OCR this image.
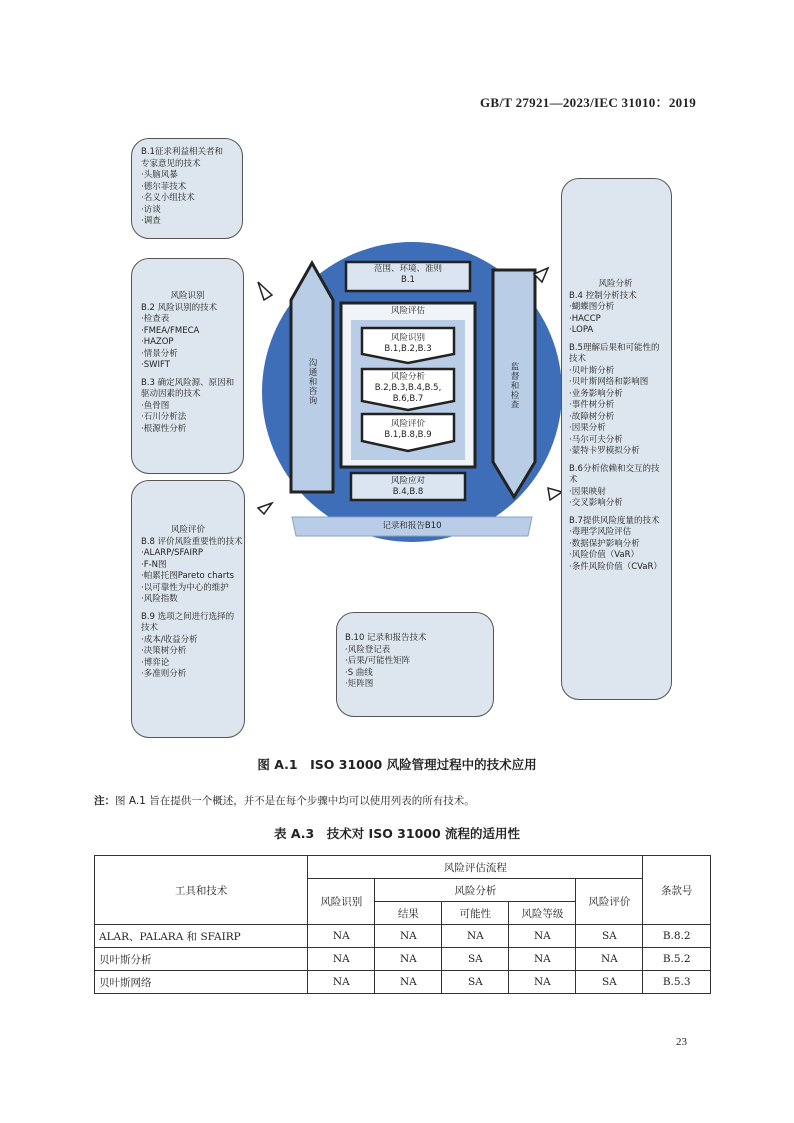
GB/T 27921—2023/IEC 31010：2019
范围、环境、准则
B.1
风险评估
风险识别
B.1,B.2,B.3
风险分析
B.2,B.3,B.4,B.5,
B.6,B.7
风险评价
B.1,B.8,B.9
风险应对
B.4,B.8
记录和报告B10
沟通和咨询	监督和检查
B.1征求利益相关者和
专家意见的技术
·头脑风暴
·德尔菲技术
·名义小组技术
·访谈
·调查
风险识别
B.2 风险识别的技术
·检查表
·FMEA/FMECA
·HAZOP
·情景分析
·SWIFT
B.3 确定风险源、原因和
驱动因素的技术
·鱼骨图
·石川分析法
·根源性分析
风险评价
B.8 评价风险重要性的技术
·ALARP/SFAIRP
·F-N图
·帕累托图Pareto charts
·以可靠性为中心的维护
·风险指数
B.9 选项之间进行选择的
技术
·成本/收益分析
·决策树分析
·博弈论
·多准则分析
B.10 记录和报告技术
·风险登记表
·后果/可能性矩阵
·S 曲线
·矩阵图
风险分析
B.4 控制分析技术
·蝴蝶图分析
·HACCP
·LOPA
B.5理解后果和可能性的
技术
·贝叶斯分析
·贝叶斯网络和影响图
·业务影响分析
·事件树分析
·故障树分析
·因果分析
·马尔可夫分析
·蒙特卡罗模拟分析
B.6分析依赖和交互的技
术
·因果映射
·交叉影响分析
B.7提供风险度量的技术
·毒理学风险评估
·数据保护影响分析
·风险价值（VaR）
·条件风险价值（CVaR）
图 A.1　ISO 31000 风险管理过程中的技术应用
注：图 A.1 旨在提供一个概述，并不是在每个步骤中均可以使用列表的所有技术。
表 A.3　技术对 ISO 31000 流程的适用性
工具和技术	风险评估流程					条款号
	风险识别	风险分析			风险评价	
		结果	可能性	风险等级		
ALAR、PALARA 和 SFAIRP	NA	NA	NA	NA	SA	B.8.2
贝叶斯分析	NA	NA	SA	NA	NA	B.5.2
贝叶斯网络	NA	NA	SA	NA	SA	B.5.3
23
